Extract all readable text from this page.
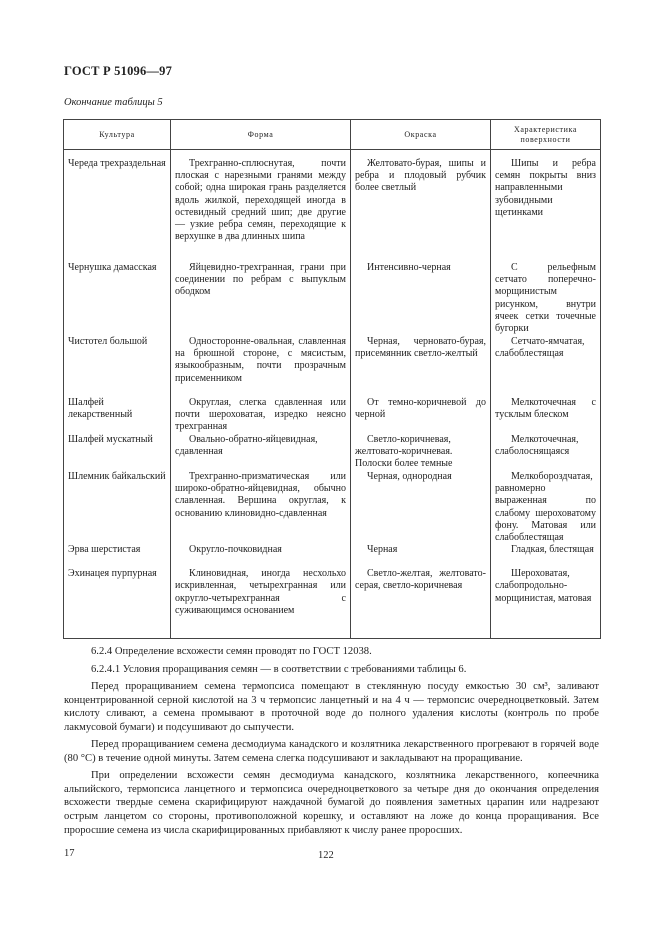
ГОСТ Р 51096—97
Окончание таблицы 5
Культура	Форма	Окраска	Характеристика поверхности
Череда трехраздельная	Трехгранно-сплюснутая, почти плоская с нарезными гранями между собой; одна широкая грань разделяется вдоль жилкой, переходящей иногда в остевидный средний шип; две другие — узкие ребра семян, переходящие к верхушке в два длинных шипа	Желтовато-бурая, шипы и ребра и плодовый рубчик более светлый	Шипы и ребра семян покрыты вниз направленными зубовидными щетинками
Чернушка дамасская	Яйцевидно-трехгранная, грани при соединении по ребрам с выпуклым ободком	Интенсивно-черная	С рельефным сетчато поперечно-морщинистым рисунком, внутри ячеек сетки точечные бугорки
Чистотел большой	Односторонне-овальная, славленная на брюшной стороне, с мясистым, языкообразным, почти прозрачным присеменником	Черная, черновато-бурая, присемянник светло-желтый	Сетчато-ямчатая, слабоблестящая
Шалфей лекарственный	Округлая, слегка сдавленная или почти шероховатая, изредко неясно трехгранная	От темно-коричневой до черной	Мелкоточечная с тусклым блеском
Шалфей мускатный	Овально-обратно-яйцевидная, сдавленная	Светло-коричневая, желтовато-коричневая. Полоски более темные	Мелкоточечная, слаболоснящаяся
Шлемник байкальский	Трехгранно-призматическая или широко-обратно-яйцевидная, обычно славленная. Вершина округлая, к основанию клиновидно-сдавленная	Черная, однородная	Мелкобороздчатая, равномерно выраженная по слабому шероховатому фону. Матовая или слабоблестящая
Эрва шерстистая	Округло-почковидная	Черная	Гладкая, блестящая
Эхинацея пурпурная	Клиновидная, иногда несхольхо искривленная, четырехгранная или округло-четырехгранная с суживающимся основанием	Светло-желтая, желтовато-серая, светло-коричневая	Шероховатая, слабопродольно-морщинистая, матовая

6.2.4 Определение всхожести семян проводят по ГОСТ 12038.

6.2.4.1 Условия проращивания семян — в соответствии с требованиями таблицы 6.

Перед проращиванием семена термопсиса помещают в стеклянную посуду емкостью 30 см³, заливают концентрированной серной кислотой на 3 ч термопсис ланцетный и на 4 ч — термопсис очередноцветковый. Затем кислоту сливают, а семена промывают в проточной воде до полного удаления кислоты (контроль по пробе лакмусовой бумаги) и подсушивают до сыпучести.

Перед проращиванием семена десмодиума канадского и козлятника лекарственного прогревают в горячей воде (80 °С) в течение одной минуты. Затем семена слегка подсушивают и закладывают на проращивание.

При определении всхожести семян десмодиума канадского, козлятника лекарственного, копеечника альпийского, термопсиса ланцетного и термопсиса очередноцветкового за четыре дня до окончания определения всхожести твердые семена скарифицируют наждачной бумагой до появления заметных царапин или надрезают острым ланцетом со стороны, противоположной корешку, и оставляют на ложе до конца проращивания. Все проросшие семена из числа скарифицированных прибавляют к числу ранее проросших.

17	122
